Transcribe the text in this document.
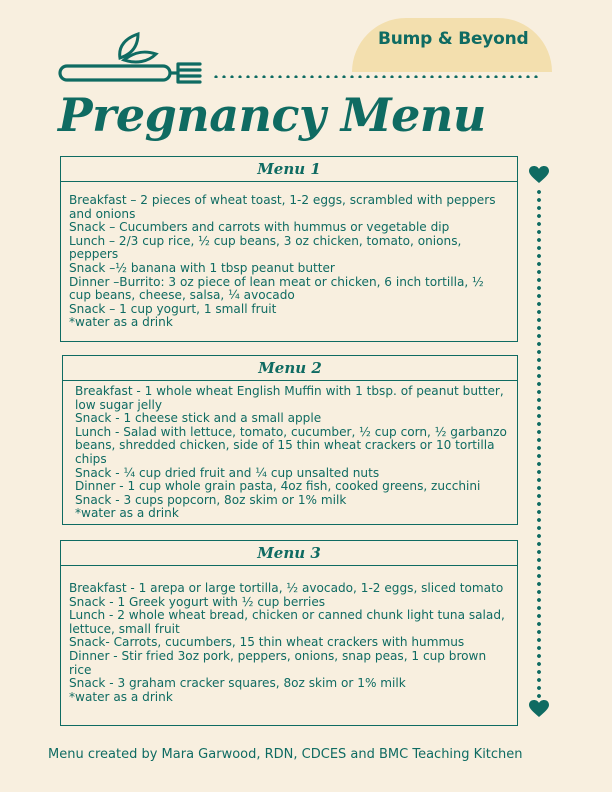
Bump & Beyond
Pregnancy Menu
Menu 1
Breakfast – 2 pieces of wheat toast, 1-2 eggs, scrambled with peppers and onions
Snack – Cucumbers and carrots with hummus or vegetable dip
Lunch – 2/3 cup rice, ½ cup beans, 3 oz chicken, tomato, onions, peppers
Snack –½ banana with 1 tbsp peanut butter
Dinner –Burrito: 3 oz piece of lean meat or chicken, 6 inch tortilla, ½ cup beans, cheese, salsa, ¼ avocado
Snack – 1 cup yogurt, 1 small fruit
*water as a drink
Menu 2
Breakfast - 1 whole wheat English Muffin with 1 tbsp. of peanut butter, low sugar jelly
Snack - 1 cheese stick and a small apple
Lunch - Salad with lettuce, tomato, cucumber, ½ cup corn, ½ garbanzo beans, shredded chicken, side of 15 thin wheat crackers or 10 tortilla chips
Snack - ¼ cup dried fruit and ¼ cup unsalted nuts
Dinner - 1 cup whole grain pasta, 4oz fish, cooked greens, zucchini
Snack - 3 cups popcorn, 8oz skim or 1% milk
*water as a drink
Menu 3
Breakfast - 1 arepa or large tortilla, ½ avocado, 1-2 eggs, sliced tomato
Snack - 1 Greek yogurt with ½ cup berries
Lunch - 2 whole wheat bread, chicken or canned chunk light tuna salad, lettuce, small fruit
Snack- Carrots, cucumbers, 15 thin wheat crackers with hummus
Dinner - Stir fried 3oz pork, peppers, onions, snap peas, 1 cup brown rice
Snack - 3 graham cracker squares, 8oz skim or 1% milk
*water as a drink
Menu created by Mara Garwood, RDN, CDCES and BMC Teaching Kitchen
